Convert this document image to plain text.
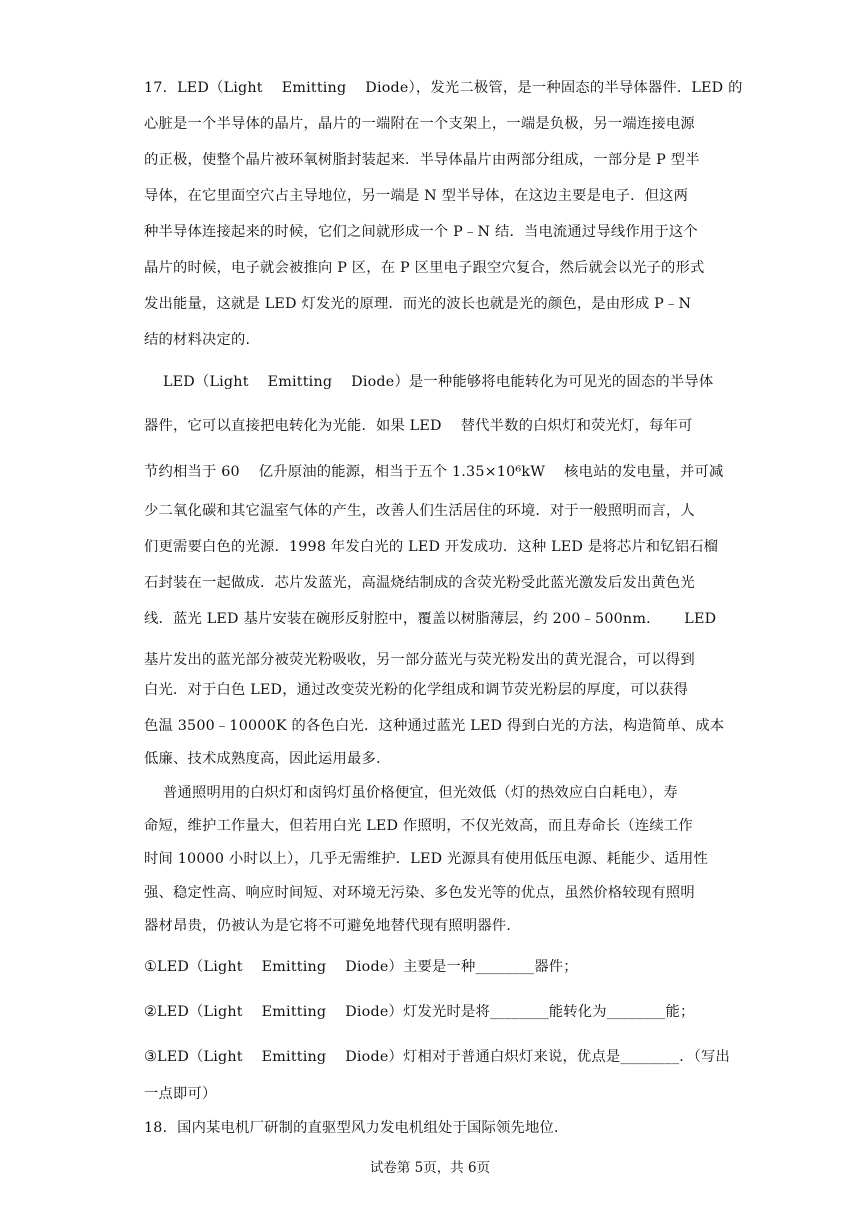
17．LED（Light    Emitting    Diode），发光二极管，是一种固态的半导体器件．LED 的
心脏是一个半导体的晶片，晶片的一端附在一个支架上，一端是负极，另一端连接电源
的正极，使整个晶片被环氧树脂封装起来．半导体晶片由两部分组成，一部分是 P 型半
导体，在它里面空穴占主导地位，另一端是 N 型半导体，在这边主要是电子．但这两
种半导体连接起来的时候，它们之间就形成一个 P﹣N 结．当电流通过导线作用于这个
晶片的时候，电子就会被推向 P 区，在 P 区里电子跟空穴复合，然后就会以光子的形式
发出能量，这就是 LED 灯发光的原理．而光的波长也就是光的颜色，是由形成 P﹣N
结的材料决定的．
LED（Light    Emitting    Diode）是一种能够将电能转化为可见光的固态的半导体
器件，它可以直接把电转化为光能．如果 LED    替代半数的白炽灯和荧光灯，每年可
节约相当于 60    亿升原油的能源，相当于五个 1.35×10⁶kW    核电站的发电量，并可减
少二氧化碳和其它温室气体的产生，改善人们生活居住的环境．对于一般照明而言，人
们更需要白色的光源．1998 年发白光的 LED 开发成功．这种 LED 是将芯片和钇铝石榴
石封装在一起做成．芯片发蓝光，高温烧结制成的含荧光粉受此蓝光激发后发出黄色光
线．蓝光 LED 基片安装在碗形反射腔中，覆盖以树脂薄层，约 200﹣500nm．     LED
基片发出的蓝光部分被荧光粉吸收，另一部分蓝光与荧光粉发出的黄光混合，可以得到
白光．对于白色 LED，通过改变荧光粉的化学组成和调节荧光粉层的厚度，可以获得
色温 3500﹣10000K 的各色白光．这种通过蓝光 LED 得到白光的方法，构造简单、成本
低廉、技术成熟度高，因此运用最多．
普通照明用的白炽灯和卤钨灯虽价格便宜，但光效低（灯的热效应白白耗电），寿
命短，维护工作量大，但若用白光 LED 作照明，不仅光效高，而且寿命长（连续工作
时间 10000 小时以上），几乎无需维护．LED 光源具有使用低压电源、耗能少、适用性
强、稳定性高、响应时间短、对环境无污染、多色发光等的优点，虽然价格较现有照明
器材昂贵，仍被认为是它将不可避免地替代现有照明器件．
①LED（Light    Emitting    Diode）主要是一种________器件；
②LED（Light    Emitting    Diode）灯发光时是将________能转化为________能；
③LED（Light    Emitting    Diode）灯相对于普通白炽灯来说，优点是________．（写出
一点即可）
18．国内某电机厂研制的直驱型风力发电机组处于国际领先地位．
试卷第 5页，共 6页
